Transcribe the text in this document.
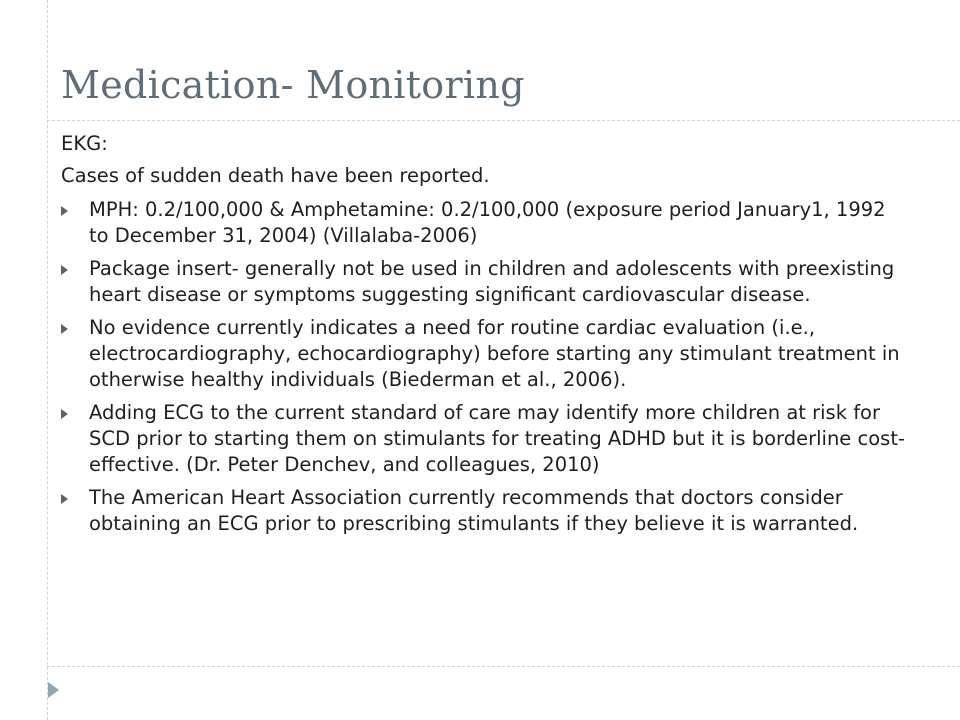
Medication- Monitoring

EKG:

Cases of sudden death have been reported.

MPH: 0.2/100,000 & Amphetamine: 0.2/100,000 (exposure period January1, 1992 to December 31, 2004) (Villalaba-2006)
Package insert- generally not be used in children and adolescents with preexisting heart disease or symptoms suggesting significant cardiovascular disease.
No evidence currently indicates a need for routine cardiac evaluation (i.e., electrocardiography, echocardiography) before starting any stimulant treatment in otherwise healthy individuals (Biederman et al., 2006).
Adding ECG to the current standard of care may identify more children at risk for SCD prior to starting them on stimulants for treating ADHD but it is borderline cost-effective. (Dr. Peter Denchev, and colleagues, 2010)
The American Heart Association currently recommends that doctors consider obtaining an ECG prior to prescribing stimulants if they believe it is warranted.
